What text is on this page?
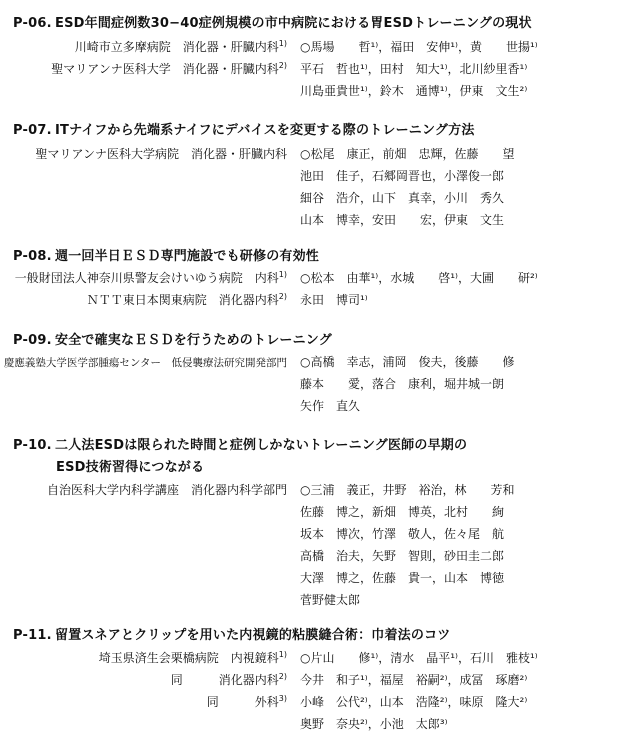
P-06. ESD年間症例数30−40症例規模の市中病院における胃ESDトレーニングの現状
川崎市立多摩病院　消化器・肝臓内科$^{1)}$
聖マリアンナ医科大学　消化器・肝臓内科$^{2)}$
○馬場　　哲¹⁾，福田　安伸¹⁾，黄　　世揚¹⁾
平石　哲也¹⁾，田村　知大¹⁾，北川紗里香¹⁾
川島亜貴世¹⁾，鈴木　通博¹⁾，伊東　文生²⁾
P-07. ITナイフから先端系ナイフにデバイスを変更する際のトレーニング方法
聖マリアンナ医科大学病院　消化器・肝臓内科 ○松尾　康正，前畑　忠輝，佐藤　　望
池田　佳子，石郷岡晋也，小澤俊一郎
細谷　浩介，山下　真幸，小川　秀久
山本　博幸，安田　　宏，伊東　文生
P-08. 週一回半日ＥＳＤ専門施設でも研修の有効性
一般財団法人神奈川県警友会けいゆう病院　内科$^{1)}$
ＮＴＴ東日本関東病院　消化器内科$^{2)}$
○松本　由華¹⁾，水城　　啓¹⁾，大圃　　研²⁾
永田　博司¹⁾
P-09. 安全で確実なＥＳＤを行うためのトレーニング
慶應義塾大学医学部腫瘍センター　低侵襲療法研究開発部門 ○高橋　幸志，浦岡　俊夫，後藤　　修
藤本　　愛，落合　康利，堀井城一朗
矢作　直久
P-10. 二人法ESDは限られた時間と症例しかないトレーニング医師の早期の
ESD技術習得につながる
自治医科大学内科学講座　消化器内科学部門 ○三浦　義正，井野　裕治，林　　芳和
佐藤　博之，新畑　博英，北村　　絢
坂本　博次，竹澤　敬人，佐々尾　航
高橋　治夫，矢野　智則，砂田圭二郎
大澤　博之，佐藤　貴一，山本　博徳
菅野健太郎
P-11. 留置スネアとクリップを用いた内視鏡的粘膜縫合術：巾着法のコツ
埼玉県済生会栗橋病院　内視鏡科$^{1)}$
同　　　消化器内科$^{2)}$
同　　　外科$^{3)}$
○片山　　修¹⁾，清水　晶平¹⁾，石川　雅枝¹⁾
今井　和子¹⁾，福屋　裕嗣²⁾，成冨　琢磨²⁾
小峰　公代²⁾，山本　浩隆²⁾，味原　隆大²⁾
奥野　奈央²⁾，小池　太郎³⁾
